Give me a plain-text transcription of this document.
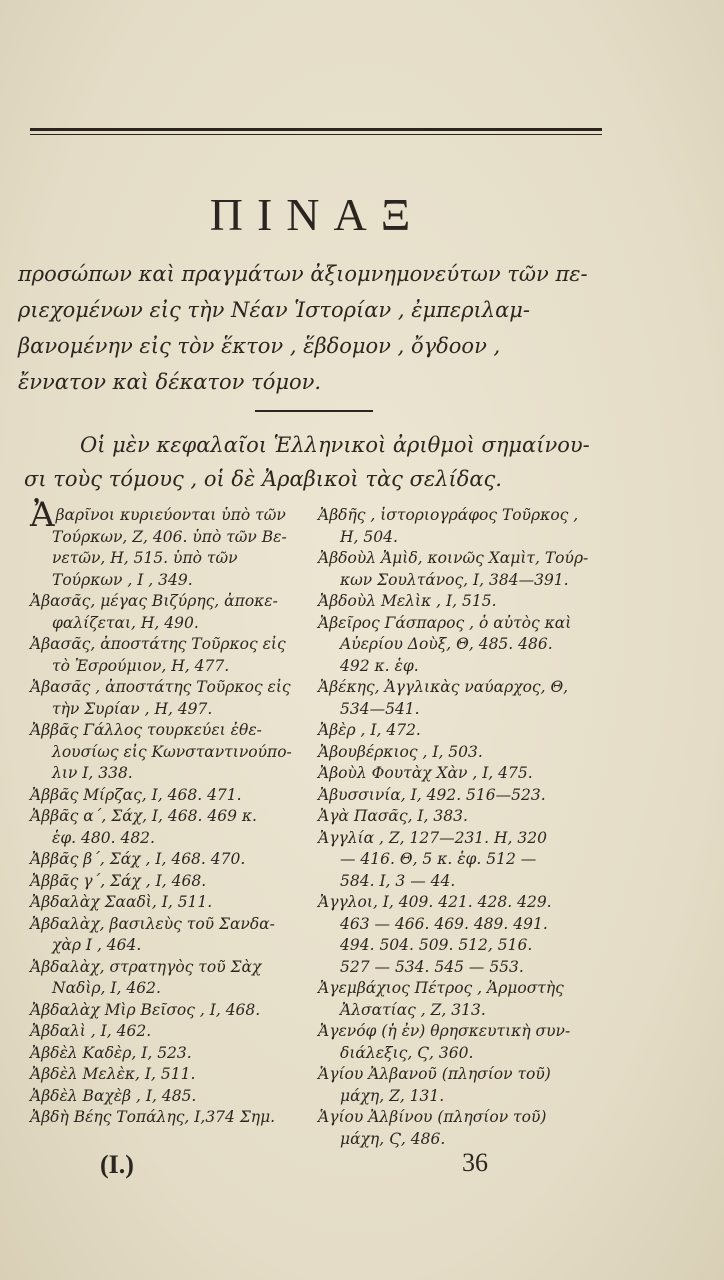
ΠΙΝΑΞ
προσώπων καὶ πραγμάτων ἀξιομνημονεύτων τῶν πε-
ριεχομένων εἰς τὴν Νέαν Ἱστορίαν , ἐμπεριλαμ-
βανομένην εἰς τὸν ἕκτον , ἕβδομον , ὄγδοον ,
ἔννατον καὶ δέκατον τόμον.
Οἱ μὲν κεφαλαῖοι Ἑλληνικοὶ ἀριθμοὶ σημαίνου-
σι τοὺς τόμους , οἱ δὲ Ἀραβικοὶ τὰς σελίδας.
Ἀβαρῖνοι κυριεύονται ὑπὸ τῶν
Τούρκων, Ζ, 406. ὑπὸ τῶν Βε-
νετῶν, Η, 515. ὑπὸ τῶν
Τούρκων , Ι , 349.
Ἀβασᾶς, μέγας Βιζύρης, ἀποκε-
φαλίζεται, Η, 490.
Ἀβασᾶς, ἀποστάτης Τοῦρκος εἰς
τὸ Ἐσρούμιον, Η, 477.
Ἀβασᾶς , ἀποστάτης Τοῦρκος εἰς
τὴν Συρίαν , Η, 497.
Ἀββᾶς Γάλλος τουρκεύει ἐθε-
λουσίως εἰς Κωνσταντινούπο-
λιν Ι, 338.
Ἀββᾶς Μίρζας, Ι, 468. 471.
Ἀββᾶς α΄, Σάχ, Ι, 468. 469 κ.
ἑφ. 480. 482.
Ἀββᾶς β΄, Σάχ , Ι, 468. 470.
Ἀββᾶς γ΄, Σάχ , Ι, 468.
Ἀβδαλὰχ Σααδὶ, Ι, 511.
Ἀβδαλὰχ, βασιλεὺς τοῦ Σανδα-
χὰρ Ι , 464.
Ἀβδαλὰχ, στρατηγὸς τοῦ Σὰχ
Ναδὶρ, Ι, 462.
Ἀβδαλὰχ Μὶρ Βεῖσος , Ι, 468.
Ἀβδαλὶ , Ι, 462.
Ἀβδὲλ Καδὲρ, Ι, 523.
Ἀβδὲλ Μελὲκ, Ι, 511.
Ἀβδὲλ Βαχὲβ , Ι, 485.
Ἀβδὴ Βέης Τοπάλης, Ι,374 Σημ.
Ἀβδῆς , ἱστοριογράφος Τοῦρκος ,
Η, 504.
Ἀβδοὺλ Ἀμὶδ, κοινῶς Χαμὶτ, Τούρ-
κων Σουλτάνος, Ι, 384—391.
Ἀβδοὺλ Μελὶκ , Ι, 515.
Ἀβεῖρος Γάσπαρος , ὁ αὐτὸς καὶ
Αὐερίου Δοὺξ, Θ, 485. 486.
492 κ. ἑφ.
Ἀβέκης, Ἀγγλικὰς ναύαρχος, Θ,
534—541.
Ἀβὲρ , Ι, 472.
Ἀβουβέρκιος , Ι, 503.
Ἀβοὺλ Φουτὰχ Χὰν , Ι, 475.
Ἀβυσσινία, Ι, 492. 516—523.
Ἀγὰ Πασᾶς, Ι, 383.
Ἀγγλία , Ζ, 127—231. Η, 320
— 416. Θ, 5 κ. ἑφ. 512 —
584. Ι, 3 — 44.
Ἀγγλοι, Ι, 409. 421. 428. 429.
463 — 466. 469. 489. 491.
494. 504. 509. 512, 516.
527 — 534. 545 — 553.
Ἀγεμβάχιος Πέτρος , Ἁρμοστὴς
Ἀλσατίας , Ζ, 313.
Ἀγενόφ (ἡ ἐν) θρησκευτικὴ συν-
διάλεξις, Ϛ, 360.
Ἁγίου Ἀλβανοῦ (πλησίον τοῦ)
μάχη, Ζ, 131.
Ἁγίου Ἀλβίνου (πλησίον τοῦ)
μάχη, Ϛ, 486.
(I.)	36
